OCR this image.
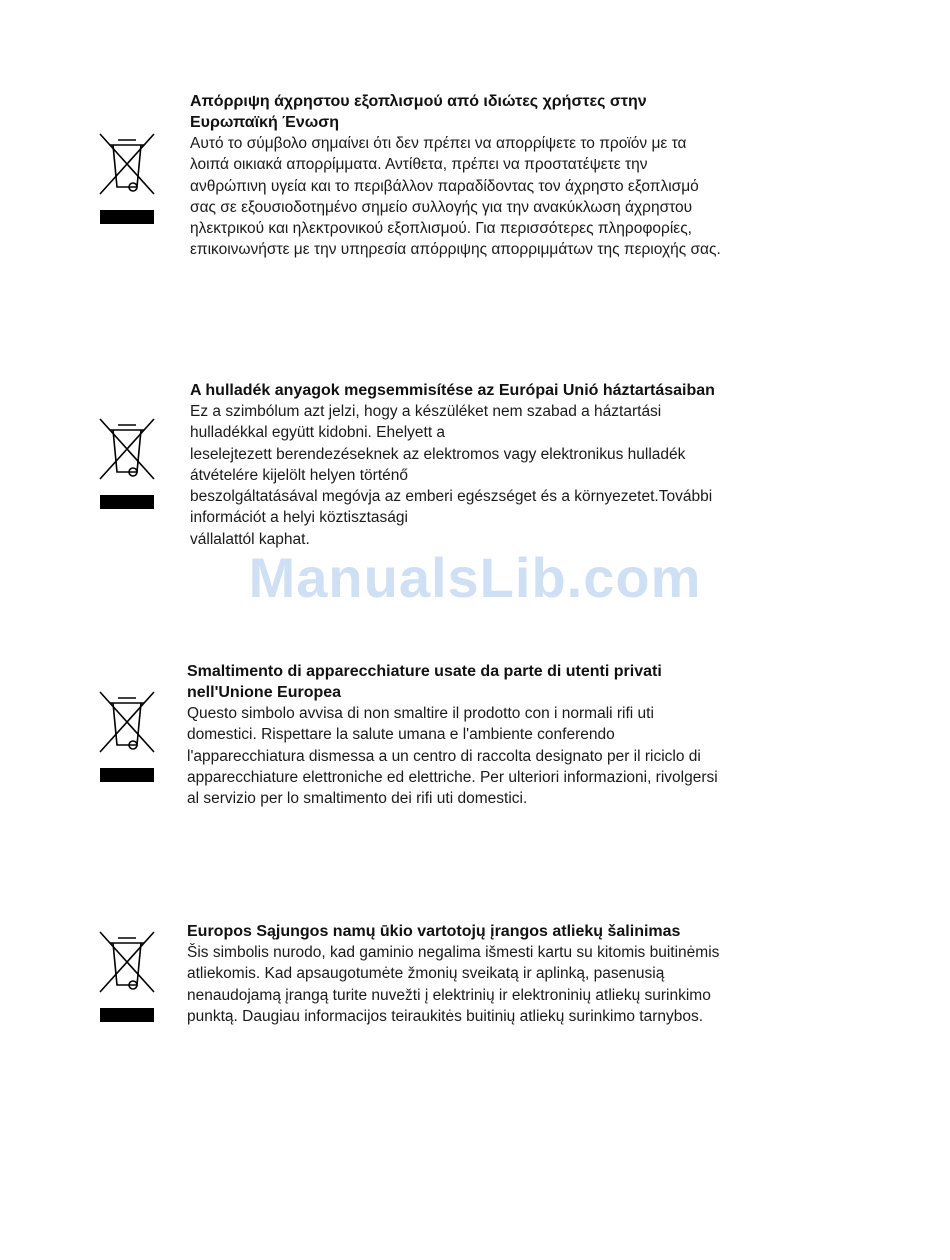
Απόρριψη άχρηστου εξοπλισμού από ιδιώτες χρήστες στην
Ευρωπαϊκή Ένωση

Αυτό το σύμβολο σημαίνει ότι δεν πρέπει να απορρίψετε το προϊόν με τα
λοιπά οικιακά απορρίμματα. Αντίθετα, πρέπει να προστατέψετε την
ανθρώπινη υγεία και το περιβάλλον παραδίδοντας τον άχρηστο εξοπλισμό
σας σε εξουσιοδοτημένο σημείο συλλογής για την ανακύκλωση άχρηστου
ηλεκτρικού και ηλεκτρονικού εξοπλισμού. Για περισσότερες πληροφορίες,
επικοινωνήστε με την υπηρεσία απόρριψης απορριμμάτων της περιοχής σας.

A hulladék anyagok megsemmisítése az Európai Unió háztartásaiban

Ez a szimbólum azt jelzi, hogy a készüléket nem szabad a háztartási
hulladékkal együtt kidobni. Ehelyett a
leselejtezett berendezéseknek az elektromos vagy elektronikus hulladék
átvételére kijelölt helyen történő
beszolgáltatásával megóvja az emberi egészséget és a környezetet.További
információt a helyi köztisztasági
vállalattól kaphat.

ManualsLib.com
Smaltimento di apparecchiature usate da parte di utenti privati
nell'Unione Europea

Questo simbolo avvisa di non smaltire il prodotto con i normali rifi uti
domestici. Rispettare la salute umana e l'ambiente conferendo
l'apparecchiatura dismessa a un centro di raccolta designato per il riciclo di
apparecchiature elettroniche ed elettriche. Per ulteriori informazioni, rivolgersi
al servizio per lo smaltimento dei rifi uti domestici.

Europos Sąjungos namų ūkio vartotojų įrangos atliekų šalinimas

Šis simbolis nurodo, kad gaminio negalima išmesti kartu su kitomis buitinėmis
atliekomis. Kad apsaugotumėte žmonių sveikatą ir aplinką, pasenusią
nenaudojamą įrangą turite nuvežti į elektrinių ir elektroninių atliekų surinkimo
punktą. Daugiau informacijos teiraukitės buitinių atliekų surinkimo tarnybos.
